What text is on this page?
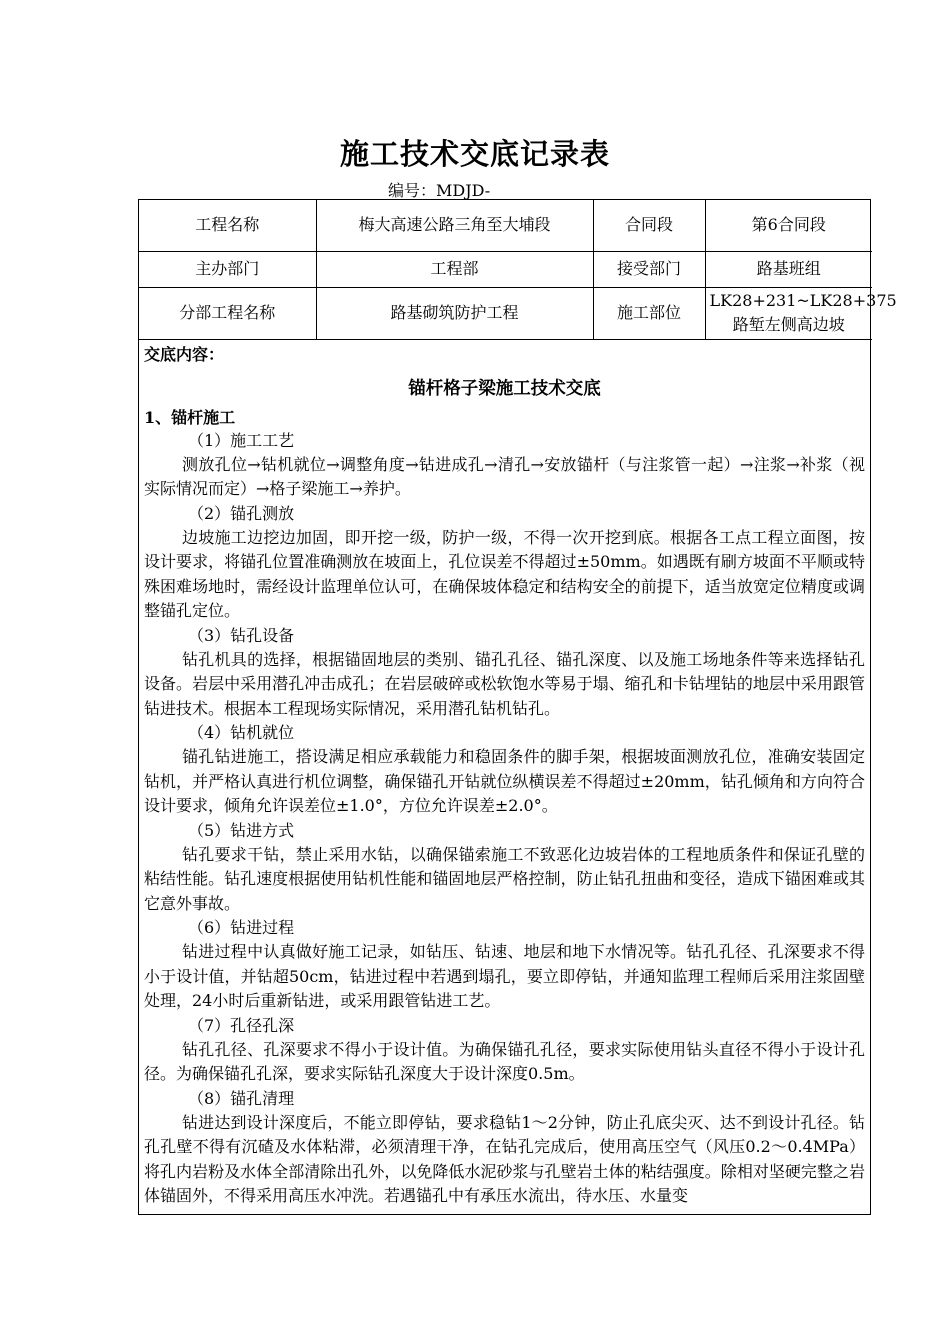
施工技术交底记录表
编号：MDJD-
工程名称	梅大高速公路三角至大埔段	合同段	第6合同段
主办部门	工程部	接受部门	路基班组
分部工程名称	路基砌筑防护工程	施工部位	LK28+231~LK28+375
路堑左侧高边坡
交底内容：
锚杆格子梁施工技术交底
1、锚杆施工
（1）施工工艺

测放孔位→钻机就位→调整角度→钻进成孔→清孔→安放锚杆（与注浆管一起）→注浆→补浆（视实际情况而定）→格子梁施工→养护。

（2）锚孔测放

边坡施工边挖边加固，即开挖一级，防护一级，不得一次开挖到底。根据各工点工程立面图，按设计要求，将锚孔位置准确测放在坡面上，孔位误差不得超过±50mm。如遇既有刷方坡面不平顺或特殊困难场地时，需经设计监理单位认可，在确保坡体稳定和结构安全的前提下，适当放宽定位精度或调整锚孔定位。

（3）钻孔设备

钻孔机具的选择，根据锚固地层的类别、锚孔孔径、锚孔深度、以及施工场地条件等来选择钻孔设备。岩层中采用潜孔冲击成孔；在岩层破碎或松软饱水等易于塌、缩孔和卡钻埋钻的地层中采用跟管钻进技术。根据本工程现场实际情况，采用潜孔钻机钻孔。

（4）钻机就位

锚孔钻进施工，搭设满足相应承载能力和稳固条件的脚手架，根据坡面测放孔位，准确安装固定钻机，并严格认真进行机位调整，确保锚孔开钻就位纵横误差不得超过±20mm，钻孔倾角和方向符合设计要求，倾角允许误差位±1.0°，方位允许误差±2.0°。

（5）钻进方式

钻孔要求干钻，禁止采用水钻，以确保锚索施工不致恶化边坡岩体的工程地质条件和保证孔壁的粘结性能。钻孔速度根据使用钻机性能和锚固地层严格控制，防止钻孔扭曲和变径，造成下锚困难或其它意外事故。

（6）钻进过程

钻进过程中认真做好施工记录，如钻压、钻速、地层和地下水情况等。钻孔孔径、孔深要求不得小于设计值，并钻超50cm，钻进过程中若遇到塌孔，要立即停钻，并通知监理工程师后采用注浆固壁处理，24小时后重新钻进，或采用跟管钻进工艺。

（7）孔径孔深

钻孔孔径、孔深要求不得小于设计值。为确保锚孔孔径，要求实际使用钻头直径不得小于设计孔径。为确保锚孔孔深，要求实际钻孔深度大于设计深度0.5m。

（8）锚孔清理

钻进达到设计深度后，不能立即停钻，要求稳钻1～2分钟，防止孔底尖灭、达不到设计孔径。钻孔孔壁不得有沉碴及水体粘滞，必须清理干净，在钻孔完成后，使用高压空气（风压0.2～0.4MPa）将孔内岩粉及水体全部清除出孔外，以免降低水泥砂浆与孔壁岩土体的粘结强度。除相对坚硬完整之岩体锚固外，不得采用高压水冲洗。若遇锚孔中有承压水流出，待水压、水量变
